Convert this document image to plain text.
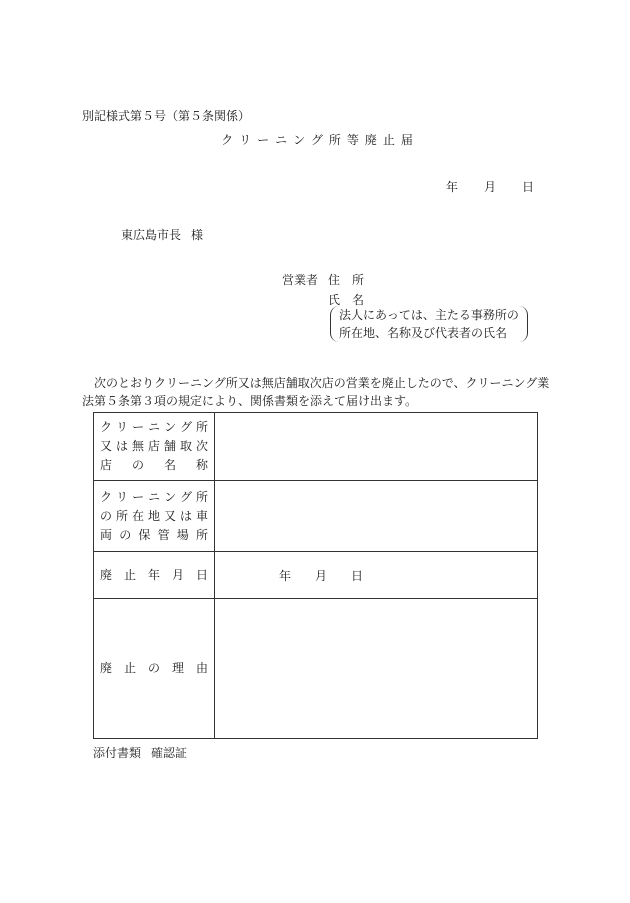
別記様式第５号（第５条関係）
クリーニング所等廃止届
年 月 日
東広島市長 様
営業者 住　所
氏　名
法人にあっては、主たる事務所の
所在地、名称及び代表者の氏名
次のとおりクリーニング所又は無店舗取次店の営業を廃止したので、クリーニング業法第５条第３項の規定により、関係書類を添えて届け出ます。
クリーニング所
又は無店舗取次
店　の　名　称	

クリーニング所
の所在地又は車
両の保管場所	

廃止年月日	年 月 日

廃　止　の　理　由	

添付書類 確認証
